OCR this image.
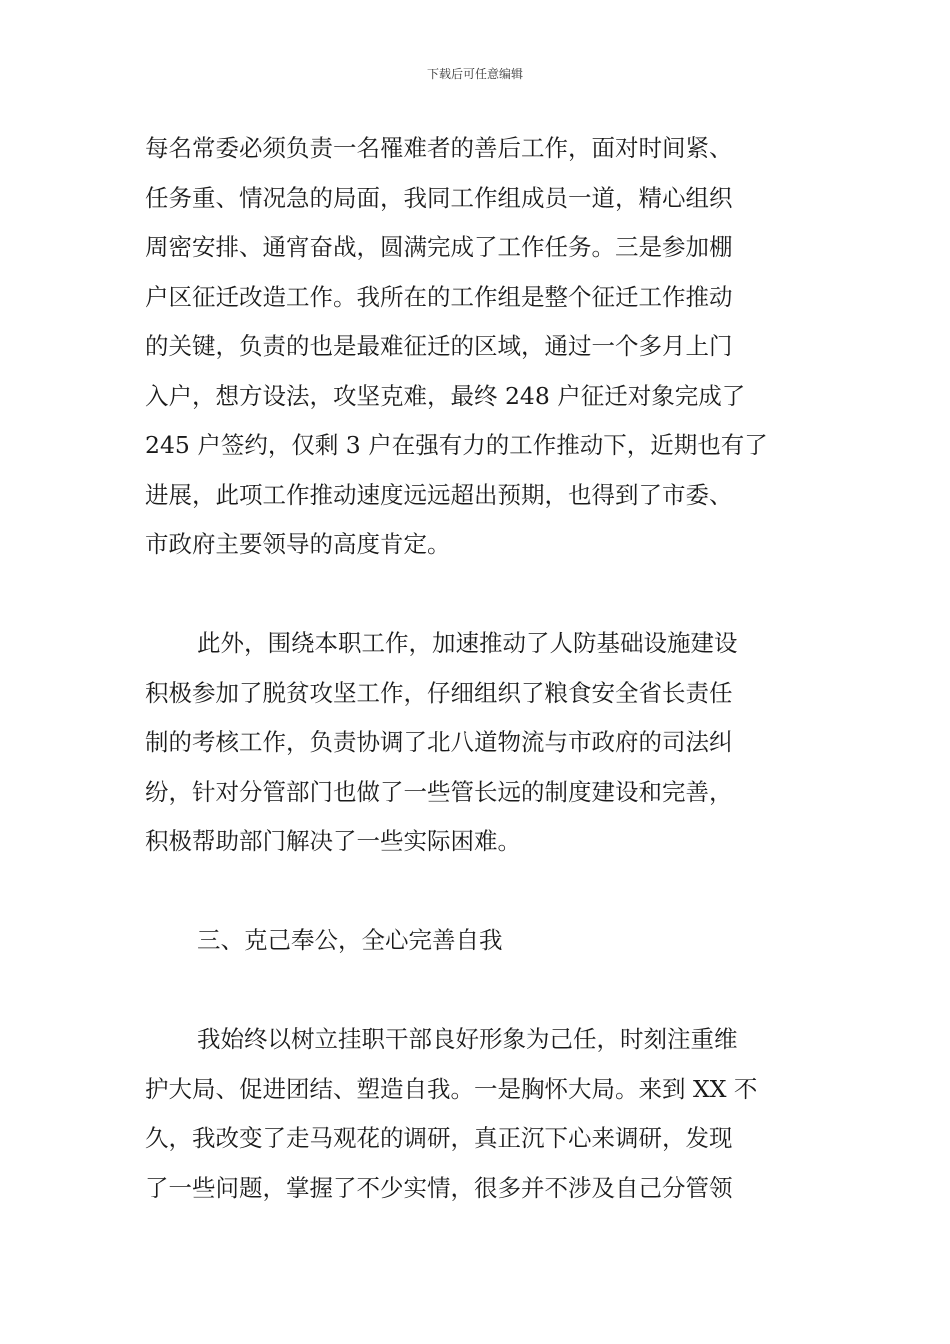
下载后可任意编辑
每名常委必须负责一名罹难者的善后工作，面对时间紧、
任务重、情况急的局面，我同工作组成员一道，精心组织
周密安排、通宵奋战，圆满完成了工作任务。三是参加棚
户区征迁改造工作。我所在的工作组是整个征迁工作推动
的关键，负责的也是最难征迁的区域，通过一个多月上门
入户，想方设法，攻坚克难，最终 248 户征迁对象完成了
245 户签约，仅剩 3 户在强有力的工作推动下，近期也有了
进展，此项工作推动速度远远超出预期，也得到了市委、
市政府主要领导的高度肯定。
此外，围绕本职工作，加速推动了人防基础设施建设
积极参加了脱贫攻坚工作，仔细组织了粮食安全省长责任
制的考核工作，负责协调了北八道物流与市政府的司法纠
纷，针对分管部门也做了一些管长远的制度建设和完善，
积极帮助部门解决了一些实际困难。
三、克己奉公，全心完善自我
我始终以树立挂职干部良好形象为己任，时刻注重维
护大局、促进团结、塑造自我。一是胸怀大局。来到 XX 不
久，我改变了走马观花的调研，真正沉下心来调研，发现
了一些问题，掌握了不少实情，很多并不涉及自己分管领
